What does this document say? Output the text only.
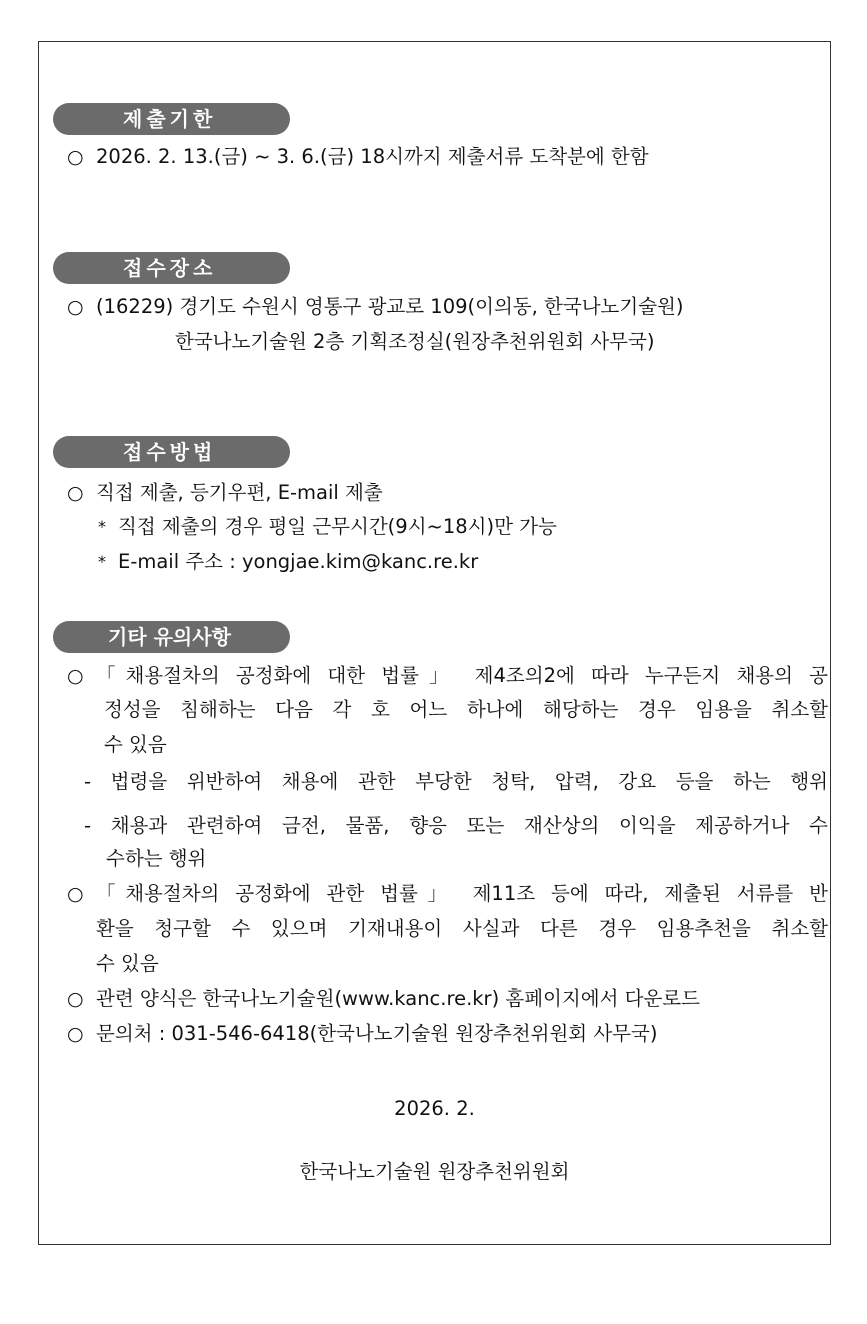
제출기한
○ 2026. 2. 13.(금) ~ 3. 6.(금) 18시까지 제출서류 도착분에 한함
접수장소
○ (16229) 경기도 수원시 영통구 광교로 109(이의동, 한국나노기술원)
한국나노기술원 2층 기획조정실(원장추천위원회 사무국)
접수방법
○ 직접 제출, 등기우편, E-mail 제출
* 직접 제출의 경우 평일 근무시간(9시~18시)만 가능
* E-mail 주소 : yongjae.kim@kanc.re.kr
기타 유의사항
○ 「채용절차의 공정화에 대한 법률」 제4조의2에 따라 누구든지 채용의 공
정성을 침해하는 다음 각 호 어느 하나에 해당하는 경우 임용을 취소할
수 있음
- 법령을 위반하여 채용에 관한 부당한 청탁, 압력, 강요 등을 하는 행위
- 채용과 관련하여 금전, 물품, 향응 또는 재산상의 이익을 제공하거나 수
수하는 행위
○ 「채용절차의 공정화에 관한 법률」 제11조 등에 따라, 제출된 서류를 반
환을 청구할 수 있으며 기재내용이 사실과 다른 경우 임용추천을 취소할
수 있음
○ 관련 양식은 한국나노기술원(www.kanc.re.kr) 홈페이지에서 다운로드
○ 문의처 : 031-546-6418(한국나노기술원 원장추천위원회 사무국)
2026. 2.
한국나노기술원 원장추천위원회
